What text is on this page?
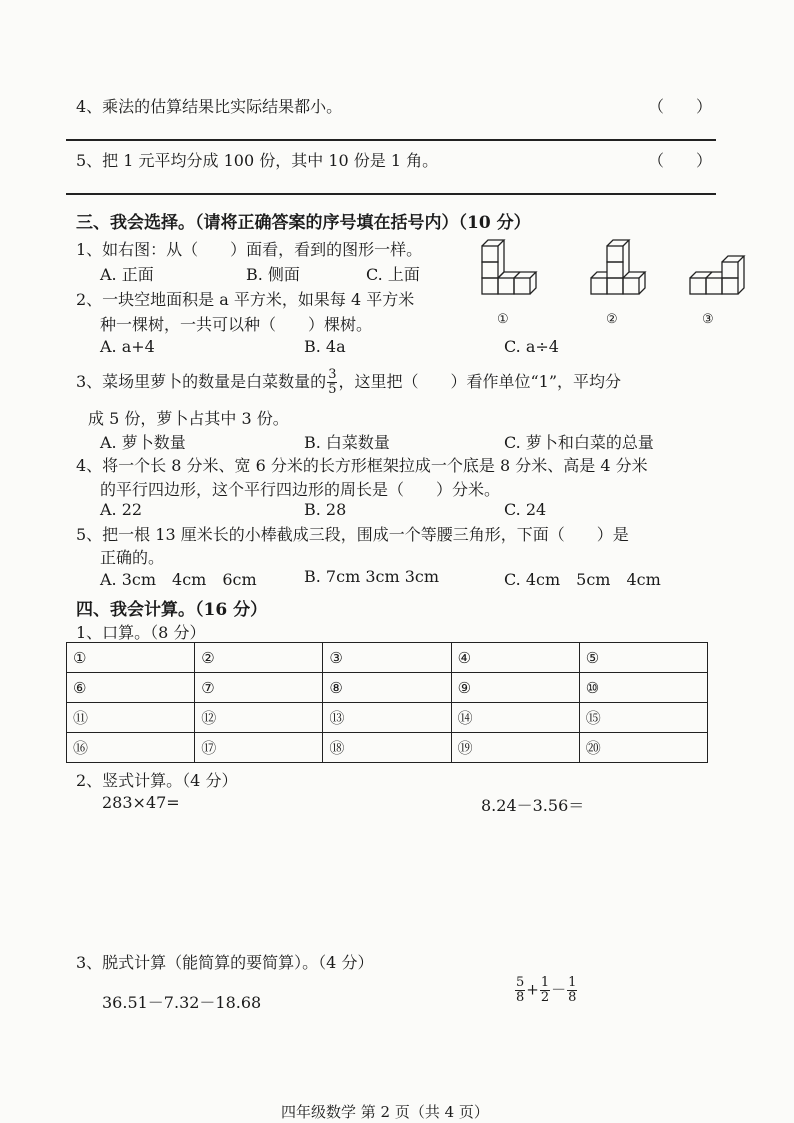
4、乘法的估算结果比实际结果都小。	（　　）
5、把 1 元平均分成 100 份，其中 10 份是 1 角。	（　　）
三、我会选择。（请将正确答案的序号填在括号内）（10 分）
1、如右图：从（　　）面看，看到的图形一样。
A. 正面	B. 侧面	C. 上面
①	②	③
2、一块空地面积是 a 平方米，如果每 4 平方米
种一棵树，一共可以种（　　）棵树。
A. a+4	B. 4a	C. a÷4
3、菜场里萝卜的数量是白菜数量的 $\frac{3}{5}$ ，这里把（　　）看作单位“1”，平均分
成 5 份，萝卜占其中 3 份。
A. 萝卜数量	B. 白菜数量	C. 萝卜和白菜的总量
4、将一个长 8 分米、宽 6 分米的长方形框架拉成一个底是 8 分米、高是 4 分米
的平行四边形，这个平行四边形的周长是（　　）分米。
A. 22	B. 28	C. 24
5、把一根 13 厘米长的小棒截成三段，围成一个等腰三角形，下面（　　）是
正确的。
A. 3cm　4cm　6cm	B. 7cm 3cm 3cm	C. 4cm　5cm　4cm
四、我会计算。（16 分）
1、口算。（8 分）
①	②	③	④	⑤
⑥	⑦	⑧	⑨	⑩
⑪	⑫	⑬	⑭	⑮
⑯	⑰	⑱	⑲	⑳
2、竖式计算。（4 分）
283×47=	8.24－3.56＝
3、脱式计算（能简算的要简算）。（4 分）
36.51－7.32－18.68	$\frac{5}{8} + \frac{1}{2} - \frac{1}{8}$
四年级数学 第 2 页（共 4 页）
